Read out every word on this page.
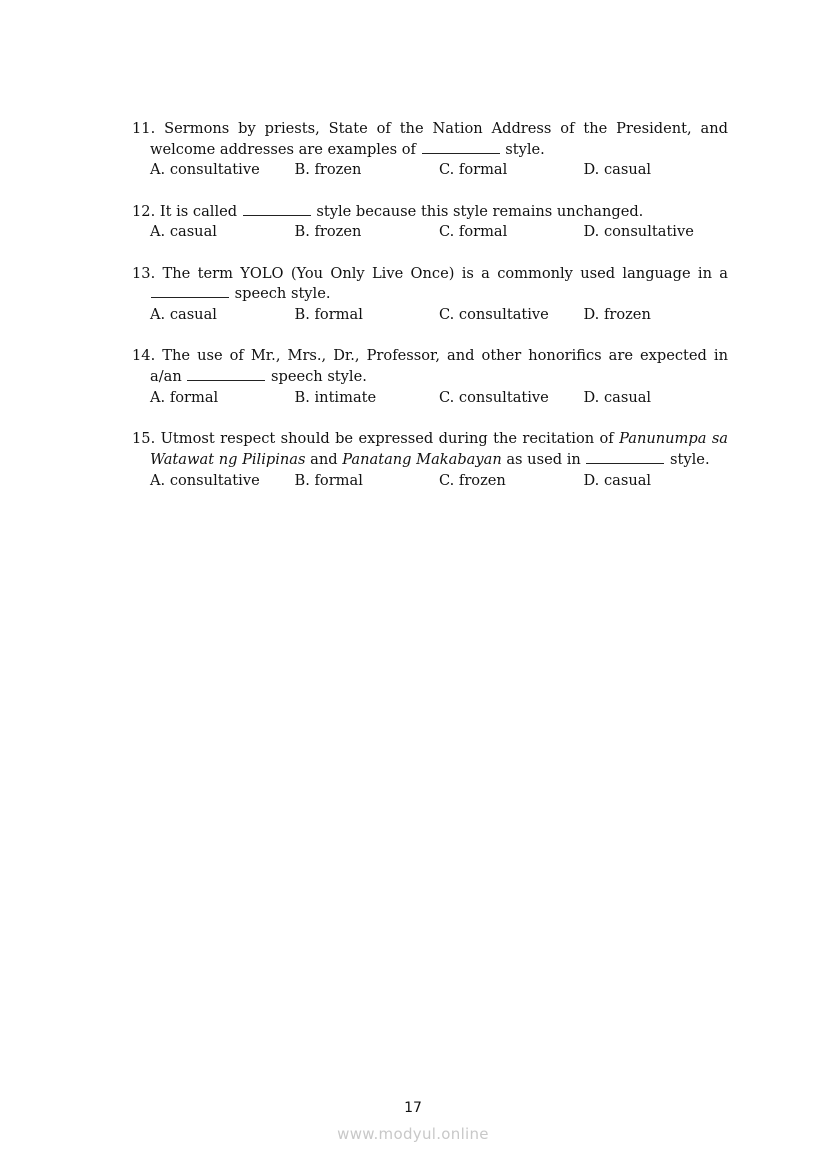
11. Sermons by priests, State of the Nation Address of the President, and welcome addresses are examples of	style.
A. consultative	B. frozen	C. formal	D. casual
12. It is called	style because this style remains unchanged.
A. casual	B. frozen	C. formal	D. consultative
13. The term YOLO (You Only Live Once) is a commonly used language in a  speech style.
A. casual	B. formal	C. consultative	D. frozen
14. The use of Mr., Mrs., Dr., Professor, and other honorifics are expected in a/an	speech style.
A. formal	B. intimate	C. consultative	D. casual
15. Utmost respect should be expressed during the recitation of Panunumpa sa Watawat ng Pilipinas and Panatang Makabayan as used in	style.
A. consultative	B. formal	C. frozen	D. casual
17
www.modyul.online
